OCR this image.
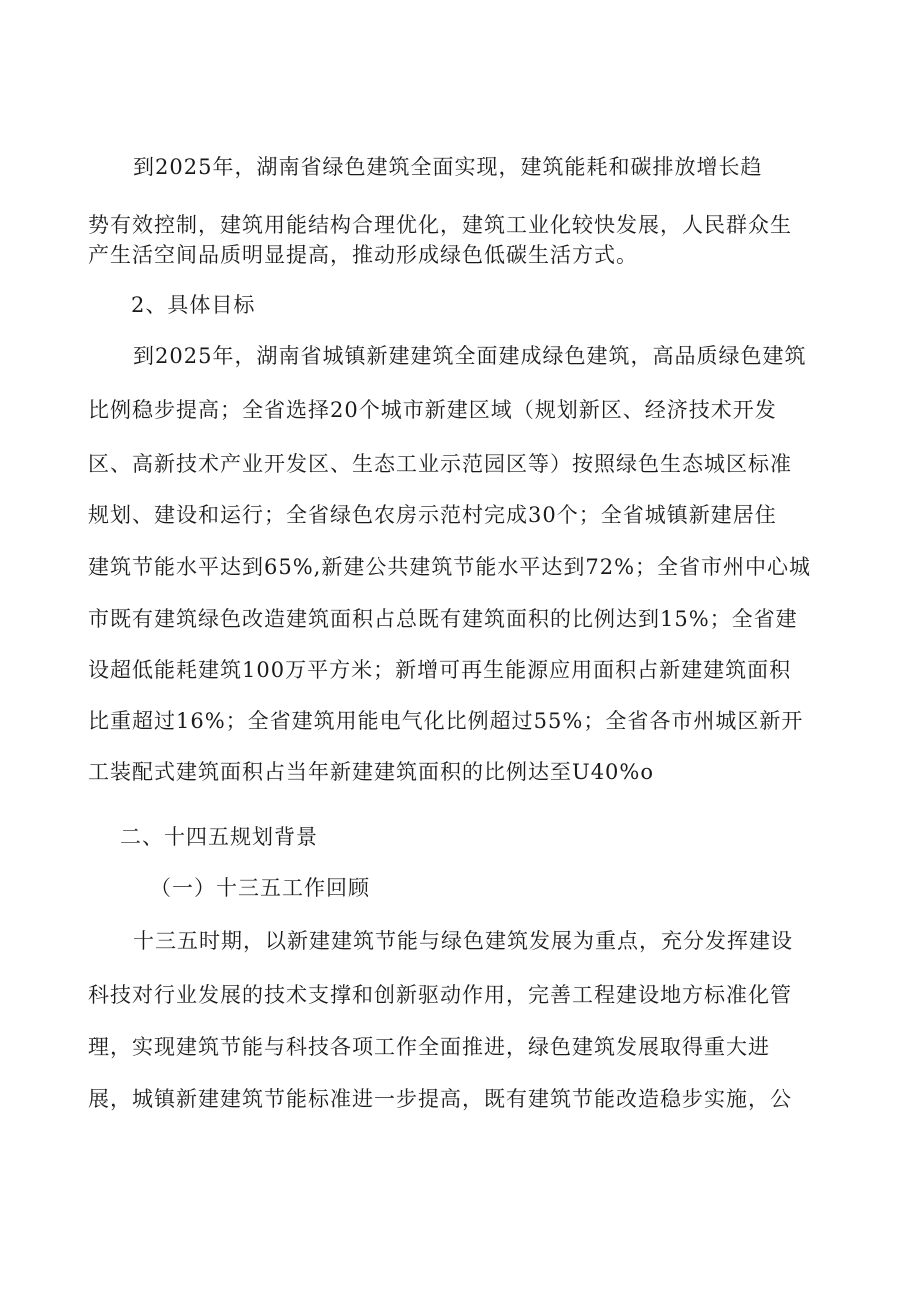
到2025年，湖南省绿色建筑全面实现，建筑能耗和碳排放增长趋

势有效控制，建筑用能结构合理优化，建筑工业化较快发展，人民群众生

产生活空间品质明显提高，推动形成绿色低碳生活方式。

2、具体目标

到2025年，湖南省城镇新建建筑全面建成绿色建筑，高品质绿色建筑

比例稳步提高；全省选择20个城市新建区域（规划新区、经济技术开发

区、高新技术产业开发区、生态工业示范园区等）按照绿色生态城区标准

规划、建设和运行；全省绿色农房示范村完成30个；全省城镇新建居住

建筑节能水平达到65%,新建公共建筑节能水平达到72%；全省市州中心城

市既有建筑绿色改造建筑面积占总既有建筑面积的比例达到15%；全省建

设超低能耗建筑100万平方米；新增可再生能源应用面积占新建建筑面积

比重超过16%；全省建筑用能电气化比例超过55%；全省各市州城区新开

工装配式建筑面积占当年新建建筑面积的比例达至U40%o

二、十四五规划背景

（一）十三五工作回顾

十三五时期，以新建建筑节能与绿色建筑发展为重点，充分发挥建设

科技对行业发展的技术支撑和创新驱动作用，完善工程建设地方标准化管

理，实现建筑节能与科技各项工作全面推进，绿色建筑发展取得重大进

展，城镇新建建筑节能标准进一步提高，既有建筑节能改造稳步实施，公
